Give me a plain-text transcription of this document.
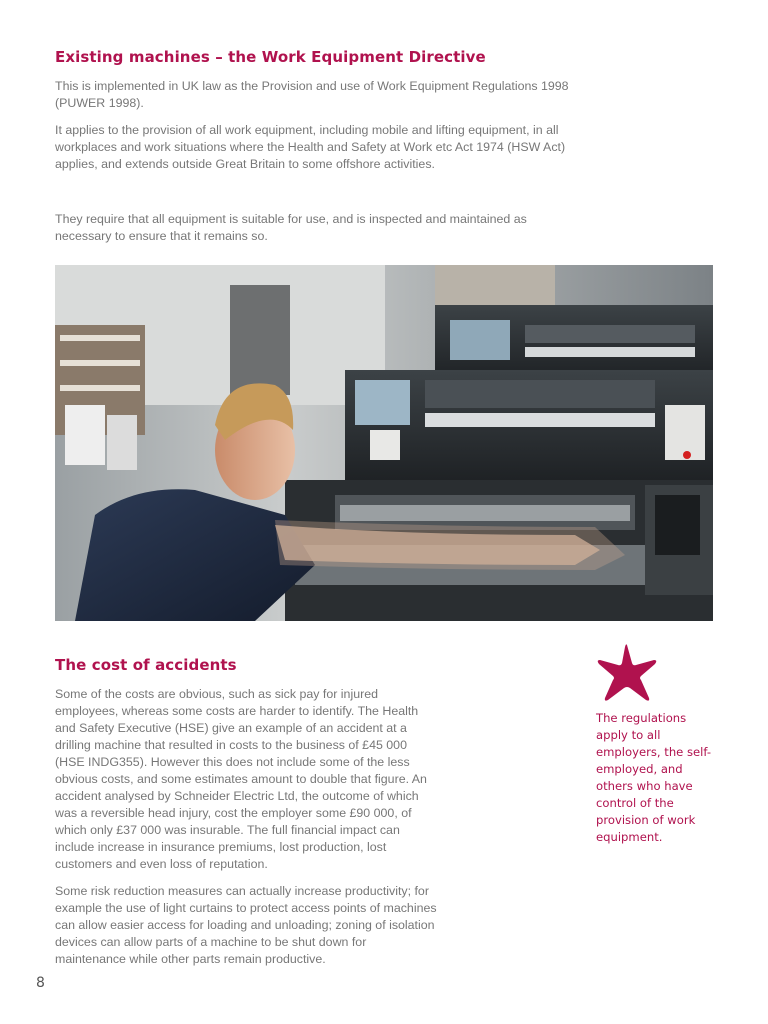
Existing machines – the Work Equipment Directive

This is implemented in UK law as the Provision and use of Work Equipment Regulations 1998 (PUWER 1998).

It applies to the provision of all work equipment, including mobile and lifting equipment, in all workplaces and work situations where the Health and Safety at Work etc Act 1974 (HSW Act) applies, and extends outside Great Britain to some offshore activities.

They require that all equipment is suitable for use, and is inspected and maintained as necessary to ensure that it remains so.

The cost of accidents

Some of the costs are obvious, such as sick pay for injured employees, whereas some costs are harder to identify. The Health and Safety Executive (HSE) give an example of an accident at a drilling machine that resulted in costs to the business of £45 000 (HSE INDG355). However this does not include some of the less obvious costs, and some estimates amount to double that figure. An accident analysed by Schneider Electric Ltd, the outcome of which was a reversible head injury, cost the employer some £90 000, of which only £37 000 was insurable. The full financial impact can include increase in insurance premiums, lost production, lost customers and even loss of reputation.

Some risk reduction measures can actually increase productivity; for example the use of light curtains to protect access points of machines can allow easier access for loading and unloading; zoning of isolation devices can allow parts of a machine to be shut down for maintenance while other parts remain productive.

The regulations apply to all employers, the self-employed, and others who have control of the provision of work equipment.

8
